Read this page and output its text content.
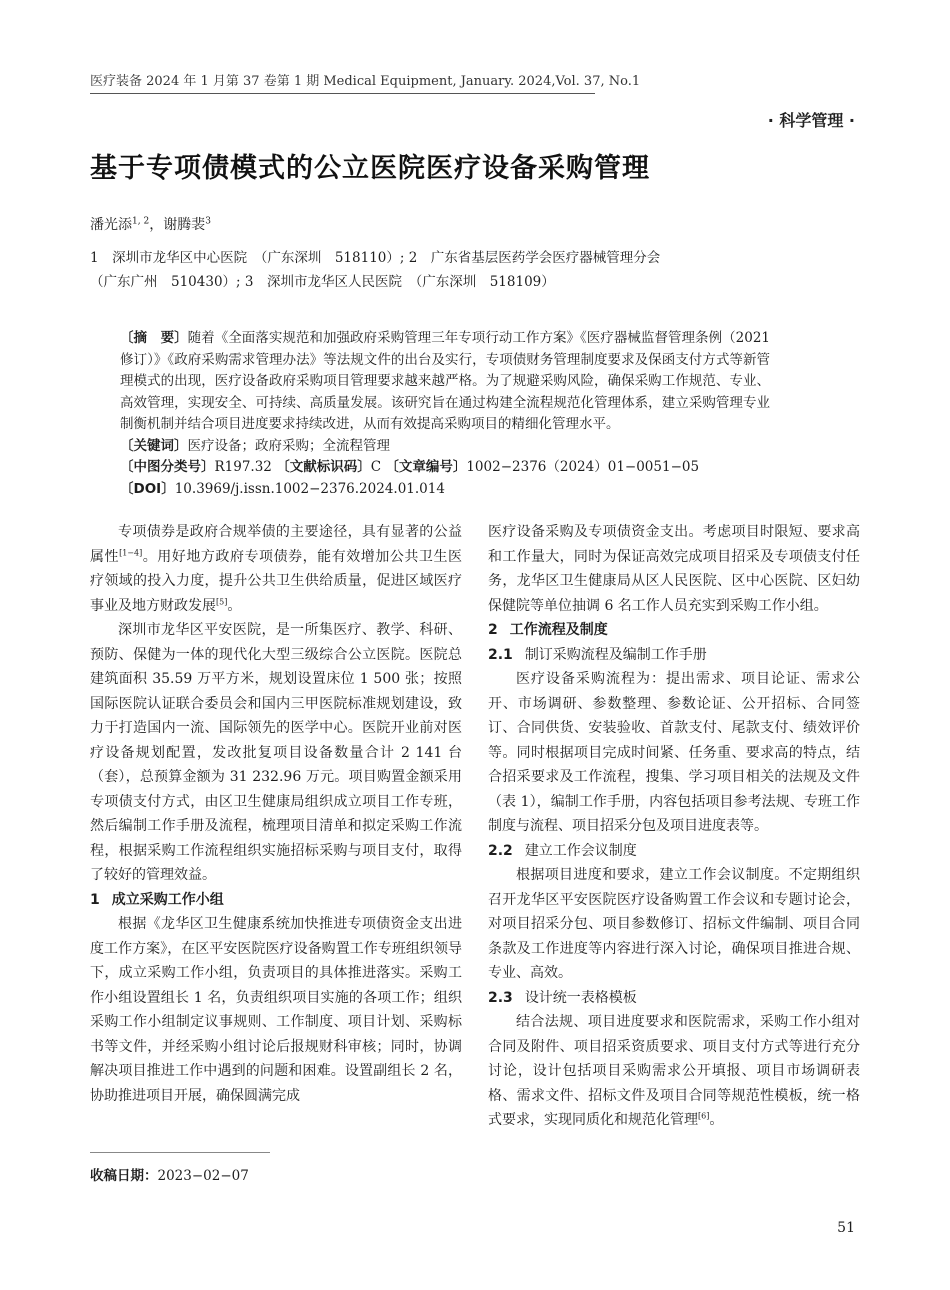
医疗装备 2024 年 1 月第 37 卷第 1 期 Medical Equipment, January. 2024,Vol. 37, No.1
· 科学管理 ·
基于专项债模式的公立医院医疗设备采购管理
潘光添$^{1, 2}$，谢腾裴$^3$
1　深圳市龙华区中心医院　（广东深圳　518110）; 2　广东省基层医药学会医疗器械管理分会
（广东广州　510430）; 3　深圳市龙华区人民医院　（广东深圳　518109）

〔摘　要〕随着《全面落实规范和加强政府采购管理三年专项行动工作方案》《医疗器械监督管理条例（2021 修订）》《政府采购需求管理办法》等法规文件的出台及实行，专项债财务管理制度要求及保函支付方式等新管理模式的出现，医疗设备政府采购项目管理要求越来越严格。为了规避采购风险，确保采购工作规范、专业、高效管理，实现安全、可持续、高质量发展。该研究旨在通过构建全流程规范化管理体系，建立采购管理专业制衡机制并结合项目进度要求持续改进，从而有效提高采购项目的精细化管理水平。

〔关键词〕医疗设备；政府采购；全流程管理

〔中图分类号〕R197.32 〔文献标识码〕C 〔文章编号〕1002−2376（2024）01−0051−05

〔DOI〕10.3969/j.issn.1002−2376.2024.01.014

专项债券是政府合规举债的主要途径，具有显著的公益属性[1−4]。用好地方政府专项债券，能有效增加公共卫生医疗领域的投入力度，提升公共卫生供给质量，促进区域医疗事业及地方财政发展[5]。

深圳市龙华区平安医院，是一所集医疗、教学、科研、预防、保健为一体的现代化大型三级综合公立医院。医院总建筑面积 35.59 万平方米，规划设置床位 1 500 张；按照国际医院认证联合委员会和国内三甲医院标准规划建设，致力于打造国内一流、国际领先的医学中心。医院开业前对医疗设备规划配置，发改批复项目设备数量合计 2 141 台（套），总预算金额为 31 232.96 万元。项目购置金额采用专项债支付方式，由区卫生健康局组织成立项目工作专班，然后编制工作手册及流程，梳理项目清单和拟定采购工作流程，根据采购工作流程组织实施招标采购与项目支付，取得了较好的管理效益。

1 成立采购工作小组

根据《龙华区卫生健康系统加快推进专项债资金支出进度工作方案》，在区平安医院医疗设备购置工作专班组织领导下，成立采购工作小组，负责项目的具体推进落实。采购工作小组设置组长 1 名，负责组织项目实施的各项工作；组织采购工作小组制定议事规则、工作制度、项目计划、采购标书等文件，并经采购小组讨论后报规财科审核；同时，协调解决项目推进工作中遇到的问题和困难。设置副组长 2 名，协助推进项目开展，确保圆满完成

医疗设备采购及专项债资金支出。考虑项目时限短、要求高和工作量大，同时为保证高效完成项目招采及专项债支付任务，龙华区卫生健康局从区人民医院、区中心医院、区妇幼保健院等单位抽调 6 名工作人员充实到采购工作小组。

2 工作流程及制度
2.1 制订采购流程及编制工作手册

医疗设备采购流程为：提出需求、项目论证、需求公开、市场调研、参数整理、参数论证、公开招标、合同签订、合同供货、安装验收、首款支付、尾款支付、绩效评价等。同时根据项目完成时间紧、任务重、要求高的特点，结合招采要求及工作流程，搜集、学习项目相关的法规及文件（表 1），编制工作手册，内容包括项目参考法规、专班工作制度与流程、项目招采分包及项目进度表等。

2.2 建立工作会议制度

根据项目进度和要求，建立工作会议制度。不定期组织召开龙华区平安医院医疗设备购置工作会议和专题讨论会，对项目招采分包、项目参数修订、招标文件编制、项目合同条款及工作进度等内容进行深入讨论，确保项目推进合规、专业、高效。

2.3 设计统一表格模板

结合法规、项目进度要求和医院需求，采购工作小组对合同及附件、项目招采资质要求、项目支付方式等进行充分讨论，设计包括项目采购需求公开填报、项目市场调研表格、需求文件、招标文件及项目合同等规范性模板，统一格式要求，实现同质化和规范化管理[6]。

收稿日期：2023−02−07
51
